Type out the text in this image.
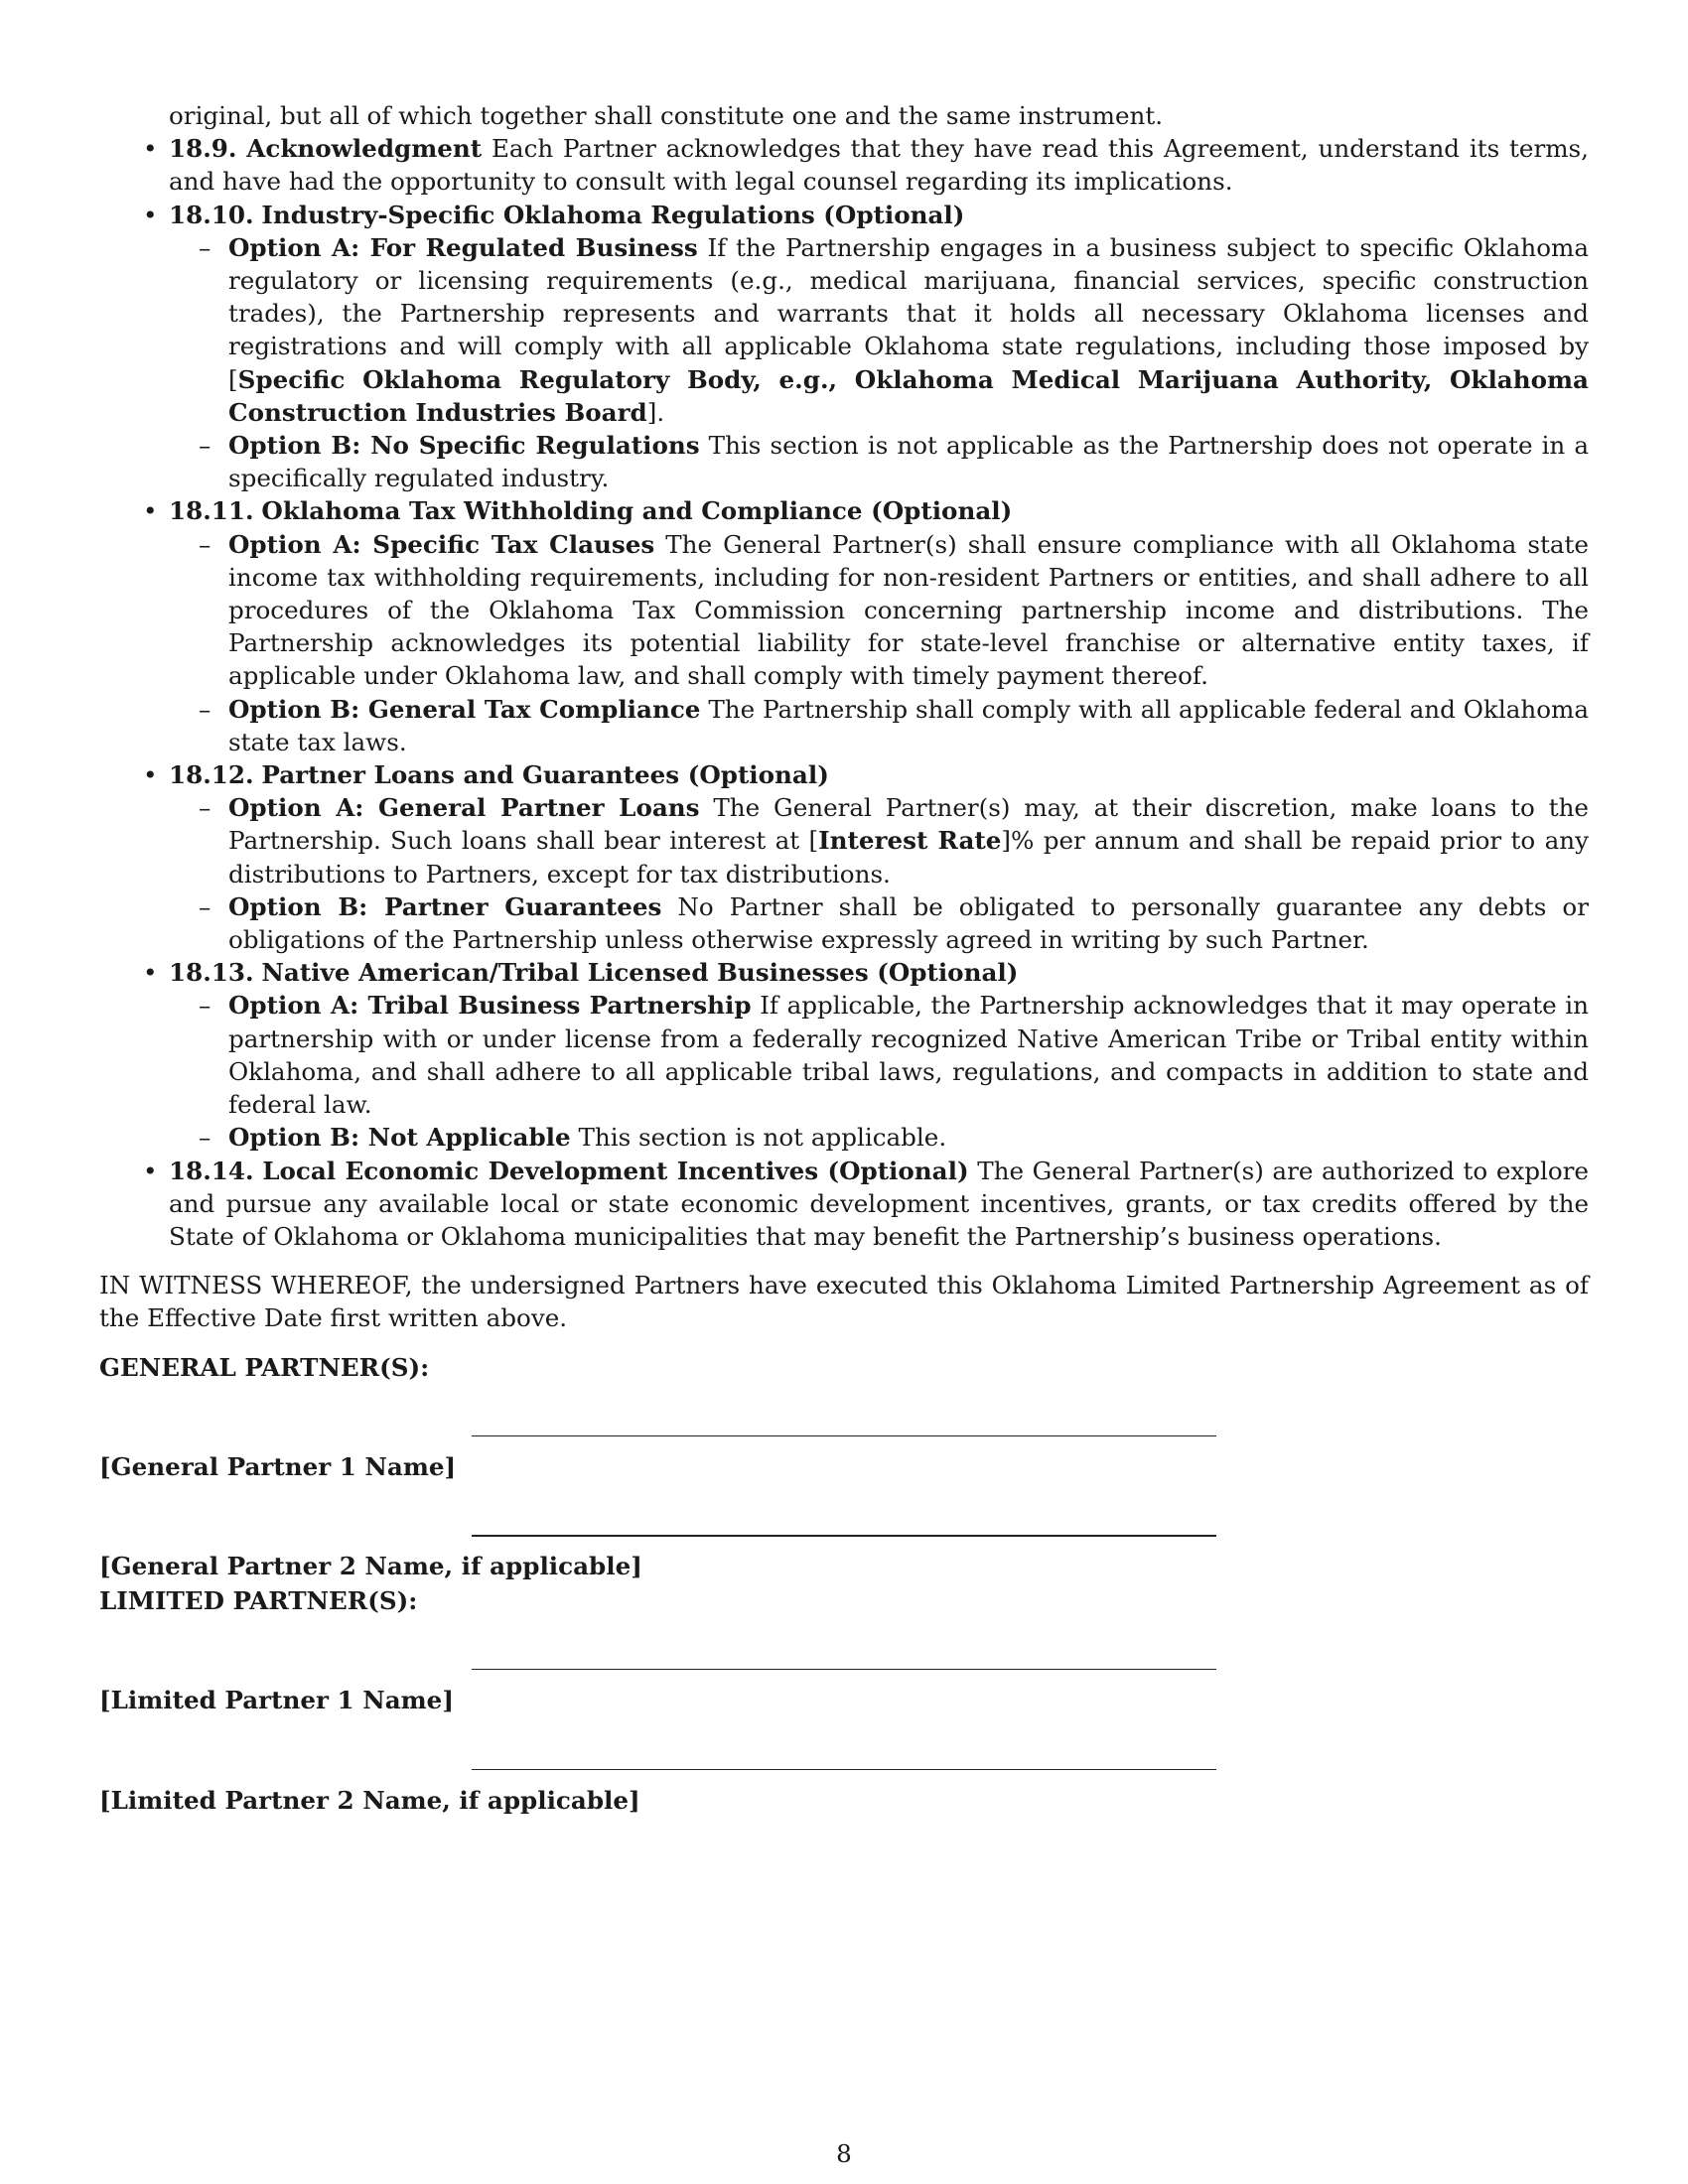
original, but all of which together shall constitute one and the same instrument.
• 18.9. Acknowledgment Each Partner acknowledges that they have read this Agreement, understand its terms, and have had the opportunity to consult with legal counsel regarding its implications.
• 18.10. Industry-Specific Oklahoma Regulations (Optional)
– Option A: For Regulated Business If the Partnership engages in a business subject to specific Oklahoma regulatory or licensing requirements (e.g., medical marijuana, financial services, specific construction trades), the Partnership represents and warrants that it holds all necessary Oklahoma licenses and registrations and will comply with all applicable Oklahoma state regulations, including those imposed by [Specific Oklahoma Regulatory Body, e.g., Oklahoma Medical Marijuana Authority, Oklahoma Construction Industries Board].
– Option B: No Specific Regulations This section is not applicable as the Partnership does not operate in a specifically regulated industry.
• 18.11. Oklahoma Tax Withholding and Compliance (Optional)
– Option A: Specific Tax Clauses The General Partner(s) shall ensure compliance with all Oklahoma state income tax withholding requirements, including for non-resident Partners or entities, and shall adhere to all procedures of the Oklahoma Tax Commission concerning partnership income and distributions. The Partnership acknowledges its potential liability for state-level franchise or alternative entity taxes, if applicable under Oklahoma law, and shall comply with timely payment thereof.
– Option B: General Tax Compliance The Partnership shall comply with all applicable federal and Oklahoma state tax laws.
• 18.12. Partner Loans and Guarantees (Optional)
– Option A: General Partner Loans The General Partner(s) may, at their discretion, make loans to the Partnership. Such loans shall bear interest at [Interest Rate]% per annum and shall be repaid prior to any distributions to Partners, except for tax distributions.
– Option B: Partner Guarantees No Partner shall be obligated to personally guarantee any debts or obligations of the Partnership unless otherwise expressly agreed in writing by such Partner.
• 18.13. Native American/Tribal Licensed Businesses (Optional)
– Option A: Tribal Business Partnership If applicable, the Partnership acknowledges that it may operate in partnership with or under license from a federally recognized Native American Tribe or Tribal entity within Oklahoma, and shall adhere to all applicable tribal laws, regulations, and compacts in addition to state and federal law.
– Option B: Not Applicable This section is not applicable.
• 18.14. Local Economic Development Incentives (Optional) The General Partner(s) are authorized to explore and pursue any available local or state economic development incentives, grants, or tax credits offered by the State of Oklahoma or Oklahoma municipalities that may benefit the Partnership’s business operations.
IN WITNESS WHEREOF, the undersigned Partners have executed this Oklahoma Limited Partnership Agreement as of the Effective Date first written above.
GENERAL PARTNER(S):
[General Partner 1 Name]
[General Partner 2 Name, if applicable]
LIMITED PARTNER(S):
[Limited Partner 1 Name]
[Limited Partner 2 Name, if applicable]
8
